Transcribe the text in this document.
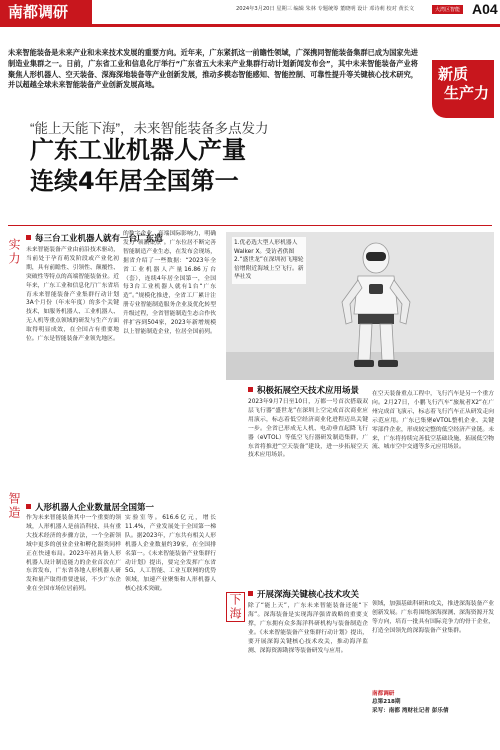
南都调研	2024年3月20日 星期三 编辑 朱林 专题统筹 董晓明 设计 邓诗莉 校对 黄长文	大湾区智能 A04
未来智能装备是未来产业和未来技术发展的重要方向。近年来，广东紧抓这一前瞻性领域，广深携同智能装备集群已成为国家先进制造业集群之一。日前，广东省工业和信息化厅举行“广东省五大未来产业集群行动计划新闻发布会”，其中未来智能装备产业将聚焦人形机器人、空天装备、深海深地装备等产业创新发展，推动多模态智能感知、智能控制、可靠性提升等关键核心技术研究，并以超越全球未来智能装备产业创新发展高地。
新质
生产力
“能上天能下海”，未来智能装备多点发力
广东工业机器人产量
连续4年居全国第一
实力
智造
下海
每三台工业机器人就有一台广东造
人形机器人企业数量居全国第一
积极拓展空天技术应用场景
开展深海关键核心技术攻关
未来智能装备产业由前沿技术驱动，当前处于孕育萌发阶段或产业化初期，具有前瞻性、引领性、颠覆性、突破性等特点的高端智能装备业。近年来，广东工业和信息化厅广东省培育未来智能装备产业集群行动计划3A个月份（年末年度）的多个关键技术，如服务机器人、工业机器人、无人机等重点领域的研发与生产方面取得明显成效，在全国占有重要地位。广东是智能装备产业领先地区。
的数字企业，高端国际影响力，明确发力“领潮集点”。广东位居不断完善智能制造产业生态，在发布会现场，据省介绍了一些数据：“2023年全省工业机器人产量16.86万台（套），连续4年居全国第一，全国每3台工业机器人就有1台“广东造”。”规模化推进，全省工厂累计注册专业智能制造服务企业及优化转型升级过程，全省智能制造生态合作伙伴扩容到504家，2023年新增规模以上智能制造企业，位居全国前列。
作为未来智能装备其中一个重要的领域，人形机器人是前沿科技、具有重大技术经济的步骤方法，一个全新领域中更多的创业企业和孵化器类同样正在快速布局。2023年初具备人形机器人设计制造能力的企业首次在广东省发布，广东省各地人形机器人研发和量产取得重要进展，不少广东企业在全国市场位居前列。
实验室等。616.6亿元，增长11.4%，产业发展处于全国第一梯队。据2023年，广东共有相关人形机器人企业数量约39家，在全国排名第一。《未来智能装备产业集群行动计划》提出，要完全发挥广东省5G、人工智能、工业互联网的优势领域，加速产业聚集和人形机器人核心技术突破。
2023年9月7日至10日，万都一号首次搭载双层飞行器“盛世龙”在深圳上空完成首次商业应用演示，标志着低空经济商业化进程迈出关键一步。全省已形成无人机、电动垂直起降飞行器（eVTOL）等低空飞行器研发制造集群，广东省将推进“空天装备”建设，进一步拓展空天技术应用场景。
在空天装备重点工程中，飞行汽车是另一个重方向。2月27日，小鹏飞行汽车“旅航者X2”在广州完成首飞演示，标志着飞行汽车正从研发走向示范应用。广东已集聚eVTOL整机企业、关键零部件企业，形成较完整的低空经济产业链。未来，广东将持续完善低空基础设施，拓展低空物流、城市空中交通等多元应用场景。
除了“能上天”，广东未来智能装备还能“下海”。深海装备是实现海洋强省战略的重要支撑，广东拥有众多海洋科研机构与装备制造企业。《未来智能装备产业集群行动计划》提出，要开展深海关键核心技术攻关，推动海洋监测、深海资源勘探等装备研发与应用。
领域，加强基础科研和攻关，推进深海装备产业创新发展。广东将围绕深海探测、深海资源开发等方向，培育一批具有国际竞争力的骨干企业，打造全国领先的深海装备产业集群。
1.优必选大型人形机器人Walker X。受访者供图
2.“盛世龙”在深圳初飞翔轮倍增附近海域上空飞行。新华社发
南都调研
总第218期
采写：南都 湾财社记者 彭乐倩
